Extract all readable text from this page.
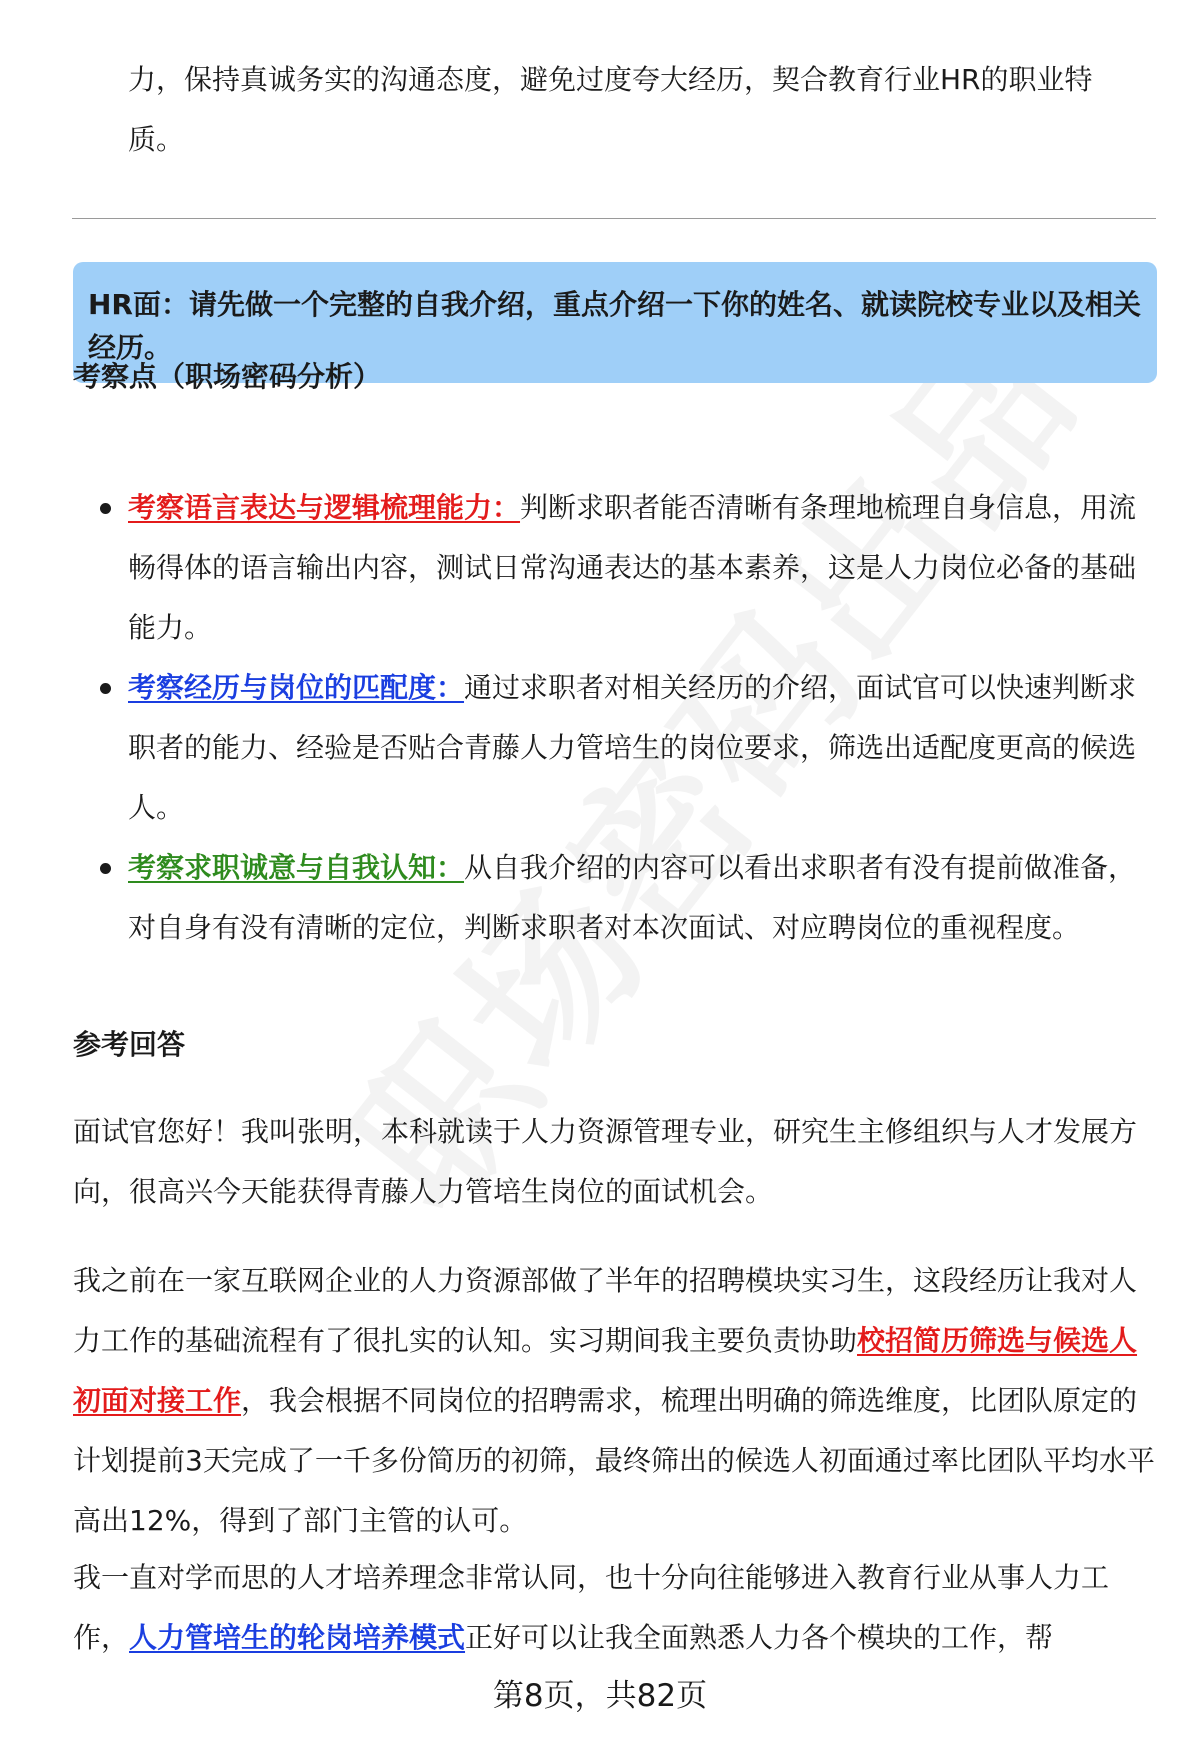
力，保持真诚务实的沟通态度，避免过度夸大经历，契合教育行业HR的职业特质。

HR面：请先做一个完整的自我介绍，重点介绍一下你的姓名、就读院校专业以及相关经历。
考察点（职场密码分析）
考察语言表达与逻辑梳理能力：判断求职者能否清晰有条理地梳理自身信息，用流畅得体的语言输出内容，测试日常沟通表达的基本素养，这是人力岗位必备的基础能力。
考察经历与岗位的匹配度：通过求职者对相关经历的介绍，面试官可以快速判断求职者的能力、经验是否贴合青藤人力管培生的岗位要求，筛选出适配度更高的候选人。
考察求职诚意与自我认知：从自我介绍的内容可以看出求职者有没有提前做准备，对自身有没有清晰的定位，判断求职者对本次面试、对应聘岗位的重视程度。
参考回答

面试官您好！我叫张明，本科就读于人力资源管理专业，研究生主修组织与人才发展方向，很高兴今天能获得青藤人力管培生岗位的面试机会。

我之前在一家互联网企业的人力资源部做了半年的招聘模块实习生，这段经历让我对人力工作的基础流程有了很扎实的认知。实习期间我主要负责协助校招简历筛选与候选人初面对接工作，我会根据不同岗位的招聘需求，梳理出明确的筛选维度，比团队原定的计划提前3天完成了一千多份简历的初筛，最终筛出的候选人初面通过率比团队平均水平高出12%，得到了部门主管的认可。

我一直对学而思的人才培养理念非常认同，也十分向往能够进入教育行业从事人力工作，人力管培生的轮岗培养模式正好可以让我全面熟悉人力各个模块的工作，帮

第8页，共82页
